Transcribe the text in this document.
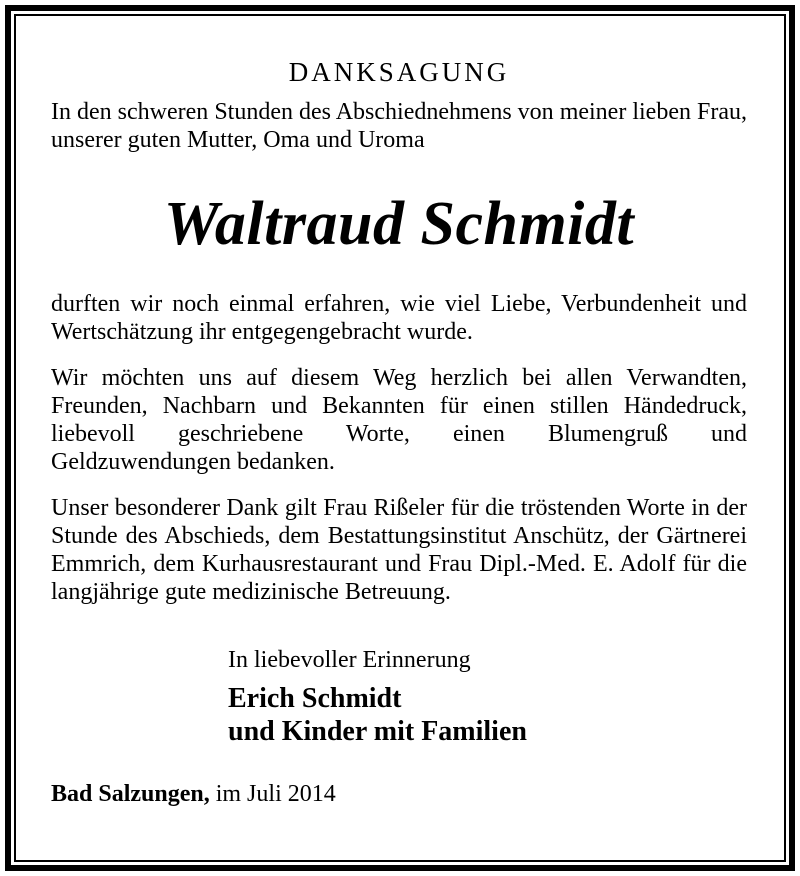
DANKSAGUNG

In den schweren Stunden des Abschiednehmens von meiner lieben Frau, unserer guten Mutter, Oma und Uroma

Waltraud Schmidt

durften wir noch einmal erfahren, wie viel Liebe, Verbundenheit und Wertschätzung ihr entgegengebracht wurde.

Wir möchten uns auf diesem Weg herzlich bei allen Verwandten, Freunden, Nachbarn und Bekannten für einen stillen Händedruck, liebevoll geschriebene Worte, einen Blumengruß und Geldzuwendungen bedanken.

Unser besonderer Dank gilt Frau Rißeler für die tröstenden Worte in der Stunde des Abschieds, dem Bestattungsinstitut Anschütz, der Gärtnerei Emmrich, dem Kurhausrestaurant und Frau Dipl.-Med. E. Adolf für die langjährige gute medizinische Betreuung.

In liebevoller Erinnerung

Erich Schmidt
und Kinder mit Familien
Bad Salzungen, im Juli 2014
